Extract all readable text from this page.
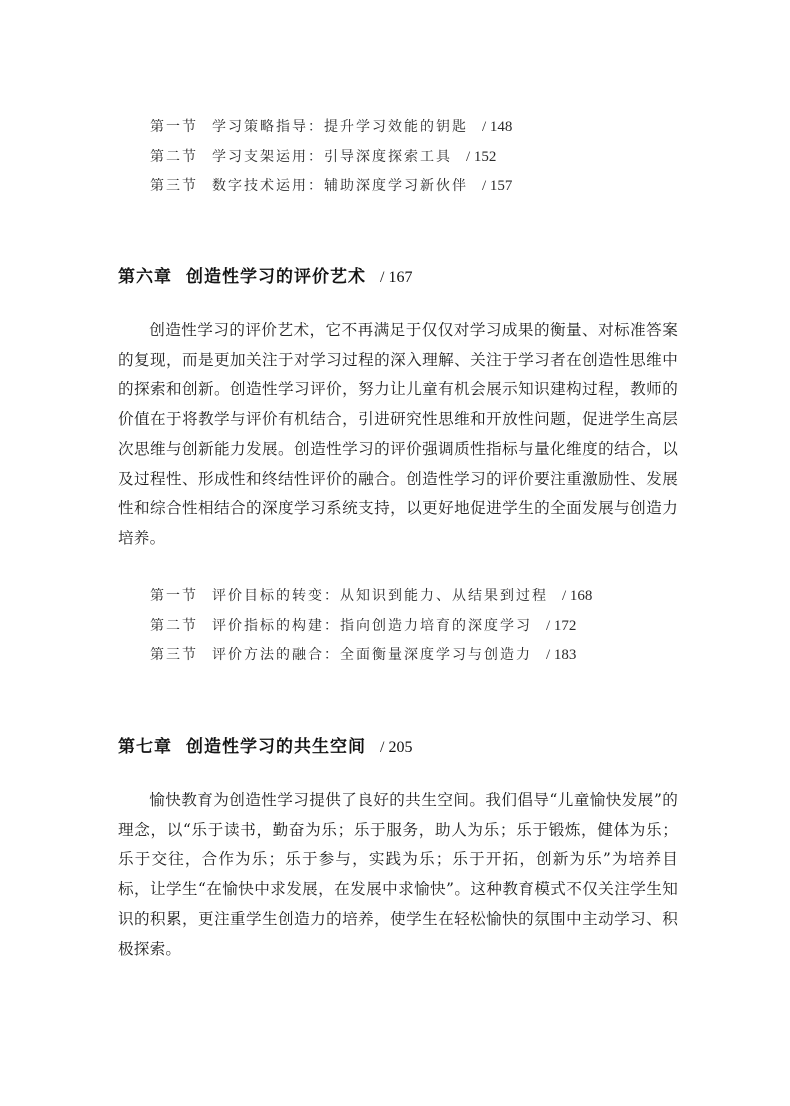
第一节 学习策略指导：提升学习效能的钥匙 / 148
第二节 学习支架运用：引导深度探索工具 / 152
第三节 数字技术运用：辅助深度学习新伙伴 / 157
第六章 创造性学习的评价艺术 / 167

创造性学习的评价艺术，它不再满足于仅仅对学习成果的衡量、对标准答案的复现，而是更加关注于对学习过程的深入理解、关注于学习者在创造性思维中的探索和创新。创造性学习评价，努力让儿童有机会展示知识建构过程，教师的价值在于将教学与评价有机结合，引进研究性思维和开放性问题，促进学生高层次思维与创新能力发展。创造性学习的评价强调质性指标与量化维度的结合，以及过程性、形成性和终结性评价的融合。创造性学习的评价要注重激励性、发展性和综合性相结合的深度学习系统支持，以更好地促进学生的全面发展与创造力培养。

第一节 评价目标的转变：从知识到能力、从结果到过程 / 168
第二节 评价指标的构建：指向创造力培育的深度学习 / 172
第三节 评价方法的融合：全面衡量深度学习与创造力 / 183
第七章 创造性学习的共生空间 / 205

愉快教育为创造性学习提供了良好的共生空间。我们倡导“儿童愉快发展”的理念，以“乐于读书，勤奋为乐；乐于服务，助人为乐；乐于锻炼，健体为乐；乐于交往，合作为乐；乐于参与，实践为乐；乐于开拓，创新为乐”为培养目标，让学生“在愉快中求发展，在发展中求愉快”。这种教育模式不仅关注学生知识的积累，更注重学生创造力的培养，使学生在轻松愉快的氛围中主动学习、积极探索。
